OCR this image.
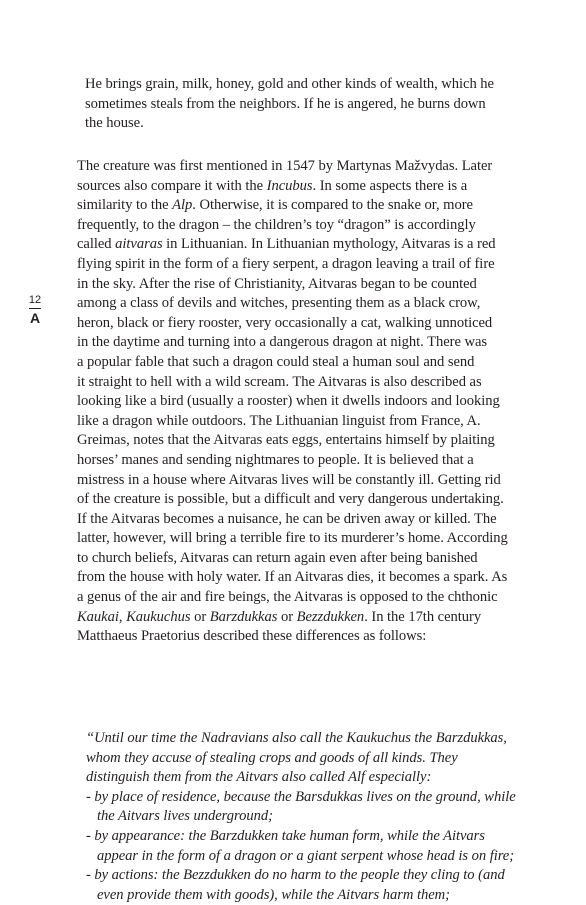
12
A
He brings grain, milk, honey, gold and other kinds of wealth, which he
sometimes steals from the neighbors. If he is angered, he burns down
the house.
The creature was first mentioned in 1547 by Martynas Mažvydas. Later
sources also compare it with the Incubus. In some aspects there is a
similarity to the Alp. Otherwise, it is compared to the snake or, more
frequently, to the dragon – the children’s toy “dragon” is accordingly
called aitvaras in Lithuanian. In Lithuanian mythology, Aitvaras is a red
flying spirit in the form of a fiery serpent, a dragon leaving a trail of fire
in the sky. After the rise of Christianity, Aitvaras began to be counted
among a class of devils and witches, presenting them as a black crow,
heron, black or fiery rooster, very occasionally a cat, walking unnoticed
in the daytime and turning into a dangerous dragon at night. There was
a popular fable that such a dragon could steal a human soul and send
it straight to hell with a wild scream. The Aitvaras is also described as
looking like a bird (usually a rooster) when it dwells indoors and looking
like a dragon while outdoors. The Lithuanian linguist from France, A.
Greimas, notes that the Aitvaras eats eggs, entertains himself by plaiting
horses’ manes and sending nightmares to people. It is believed that a
mistress in a house where Aitvaras lives will be constantly ill. Getting rid
of the creature is possible, but a difficult and very dangerous undertaking.
If the Aitvaras becomes a nuisance, he can be driven away or killed. The
latter, however, will bring a terrible fire to its murderer’s home. According
to church beliefs, Aitvaras can return again even after being banished
from the house with holy water. If an Aitvaras dies, it becomes a spark. As
a genus of the air and fire beings, the Aitvaras is opposed to the chthonic
Kaukai, Kaukuchus or Barzdukkas or Bezzdukken. In the 17th century
Matthaeus Praetorius described these differences as follows:
“Until our time the Nadravians also call the Kaukuchus the Barzdukkas,
whom they accuse of stealing crops and goods of all kinds. They
distinguish them from the Aitvars also called Alf especially:
- by place of residence, because the Barsdukkas lives on the ground, while
the Aitvars lives underground;
- by appearance: the Barzdukken take human form, while the Aitvars
appear in the form of a dragon or a giant serpent whose head is on fire;
- by actions: the Bezzdukken do no harm to the people they cling to (and
even provide them with goods), while the Aitvars harm them;
